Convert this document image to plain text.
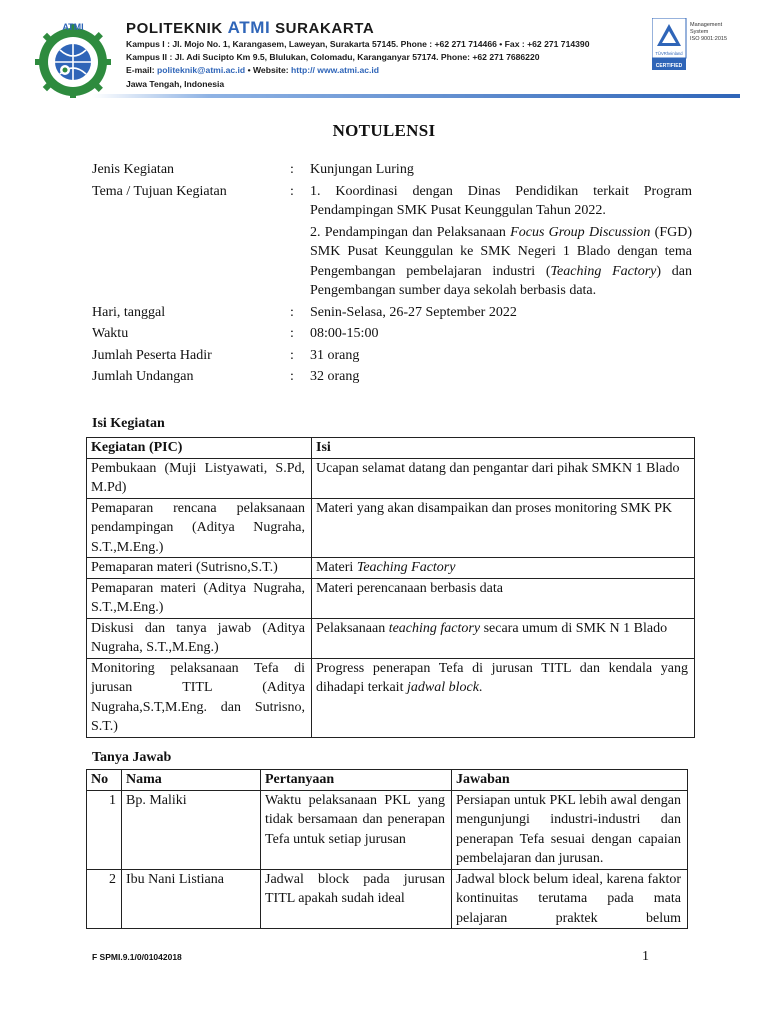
ATMI	POLITEKNIK ATMI SURAKARTA
Kampus I : Jl. Mojo No. 1, Karangasem, Laweyan, Surakarta 57145. Phone : +62 271 714466 • Fax : +62 271 714390
Kampus II : Jl. Adi Sucipto Km 9.5, Blulukan, Colomadu, Karanganyar 57174. Phone: +62 271 7686220
E-mail: politeknik@atmi.ac.id • Website: http:// www.atmi.ac.id
Jawa Tengah, Indonesia
CERTIFIED
TÜVRheinland
Management
System
ISO 9001:2015
NOTULENSI
Jenis Kegiatan	:	Kunjungan Luring

Tema / Tujuan Kegiatan	:	1. Koordinasi dengan Dinas Pendidikan terkait Program Pendampingan SMK Pusat Keunggulan Tahun 2022.

2. Pendampingan dan Pelaksanaan Focus Group Discussion (FGD) SMK Pusat Keunggulan ke SMK Negeri 1 Blado dengan tema Pengembangan pembelajaran industri (Teaching Factory) dan Pengembangan sumber daya sekolah berbasis data.

Hari, tanggal	:	Senin-Selasa, 26-27 September 2022

Waktu	:	08:00-15:00

Jumlah Peserta Hadir	:	31 orang

Jumlah Undangan	:	32 orang

Isi Kegiatan
Kegiatan (PIC)	Isi
Pembukaan (Muji Listyawati, S.Pd, M.Pd)	Ucapan selamat datang dan pengantar dari pihak SMKN 1 Blado
Pemaparan rencana pelaksanaan pendampingan (Aditya Nugraha, S.T.,M.Eng.)	Materi yang akan disampaikan dan proses monitoring SMK PK
Pemaparan materi (Sutrisno,S.T.)	Materi Teaching Factory
Pemaparan materi (Aditya Nugraha, S.T.,M.Eng.)	Materi perencanaan berbasis data
Diskusi dan tanya jawab (Aditya Nugraha, S.T.,M.Eng.)	Pelaksanaan teaching factory secara umum di SMK N 1 Blado
Monitoring pelaksanaan Tefa di jurusan TITL (Aditya Nugraha,S.T,M.Eng. dan Sutrisno, S.T.)	Progress penerapan Tefa di jurusan TITL dan kendala yang dihadapi terkait jadwal block.
Tanya Jawab
No	Nama	Pertanyaan	Jawaban
1	Bp. Maliki	Waktu pelaksanaan PKL yang tidak bersamaan dan penerapan Tefa untuk setiap jurusan	Persiapan untuk PKL lebih awal dengan mengunjungi industri-industri dan penerapan Tefa sesuai dengan capaian pembelajaran dan jurusan.
2	Ibu Nani Listiana	Jadwal block pada jurusan TITL apakah sudah ideal	Jadwal block belum ideal, karena faktor kontinuitas terutama pada mata pelajaran praktek belum
F SPMI.9.1/0/01042018	1
